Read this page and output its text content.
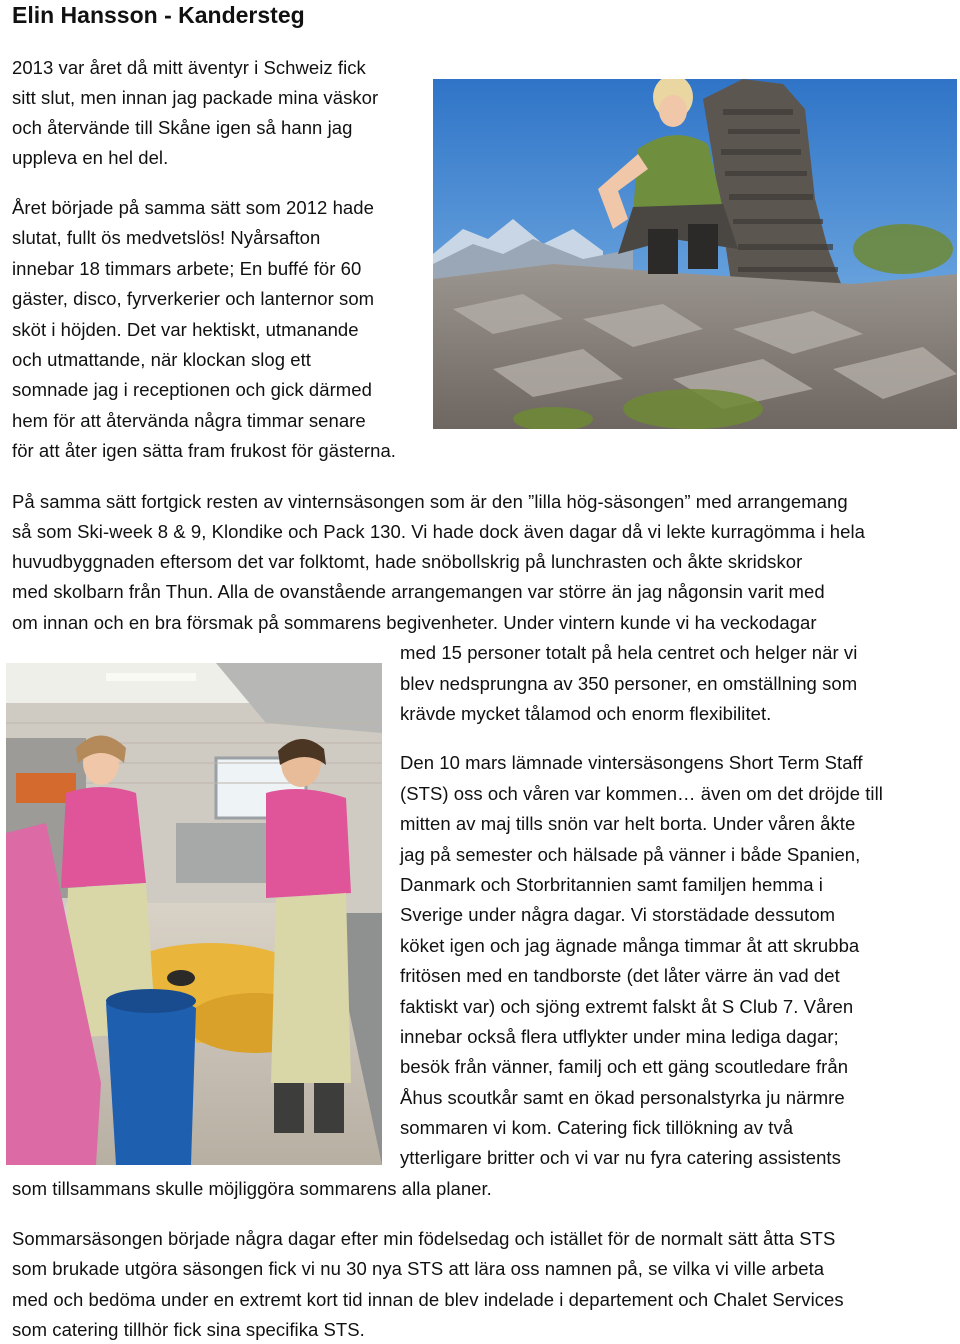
Elin Hansson - Kandersteg
2013 var året då mitt äventyr i Schweiz fick
sitt slut, men innan jag packade mina väskor
och återvände till Skåne igen så hann jag
uppleva en hel del.
Året började på samma sätt som 2012 hade
slutat, fullt ös medvetslös! Nyårsafton
innebar 18 timmars arbete; En buffé för 60
gäster, disco, fyrverkerier och lanternor som
sköt i höjden. Det var hektiskt, utmanande
och utmattande, när klockan slog ett
somnade jag i receptionen och gick därmed
hem för att återvända några timmar senare
för att åter igen sätta fram frukost för gästerna.
På samma sätt fortgick resten av vinternsäsongen som är den ”lilla hög-säsongen” med arrangemang
så som Ski-week 8 & 9, Klondike och Pack 130. Vi hade dock även dagar då vi lekte kurragömma i hela
huvudbyggnaden eftersom det var folktomt, hade snöbollskrig på lunchrasten och åkte skridskor
med skolbarn från Thun. Alla de ovanstående arrangemangen var större än jag någonsin varit med
om innan och en bra försmak på sommarens begivenheter. Under vintern kunde vi ha veckodagar
med 15 personer totalt på hela centret och helger när vi
blev nedsprungna av 350 personer, en omställning som
krävde mycket tålamod och enorm flexibilitet.
Den 10 mars lämnade vintersäsongens Short Term Staff
(STS) oss och våren var kommen… även om det dröjde till
mitten av maj tills snön var helt borta. Under våren åkte
jag på semester och hälsade på vänner i både Spanien,
Danmark och Storbritannien samt familjen hemma i
Sverige under några dagar. Vi storstädade dessutom
köket igen och jag ägnade många timmar åt att skrubba
fritösen med en tandborste (det låter värre än vad det
faktiskt var) och sjöng extremt falskt åt S Club 7. Våren
innebar också flera utflykter under mina lediga dagar;
besök från vänner, familj och ett gäng scoutledare från
Åhus scoutkår samt en ökad personalstyrka ju närmre
sommaren vi kom. Catering fick tillökning av två
ytterligare britter och vi var nu fyra catering assistents
som tillsammans skulle möjliggöra sommarens alla planer.
Sommarsäsongen började några dagar efter min födelsedag och istället för de normalt sätt åtta STS
som brukade utgöra säsongen fick vi nu 30 nya STS att lära oss namnen på, se vilka vi ville arbeta
med och bedöma under en extremt kort tid innan de blev indelade i departement och Chalet Services
som catering tillhör fick sina specifika STS.
